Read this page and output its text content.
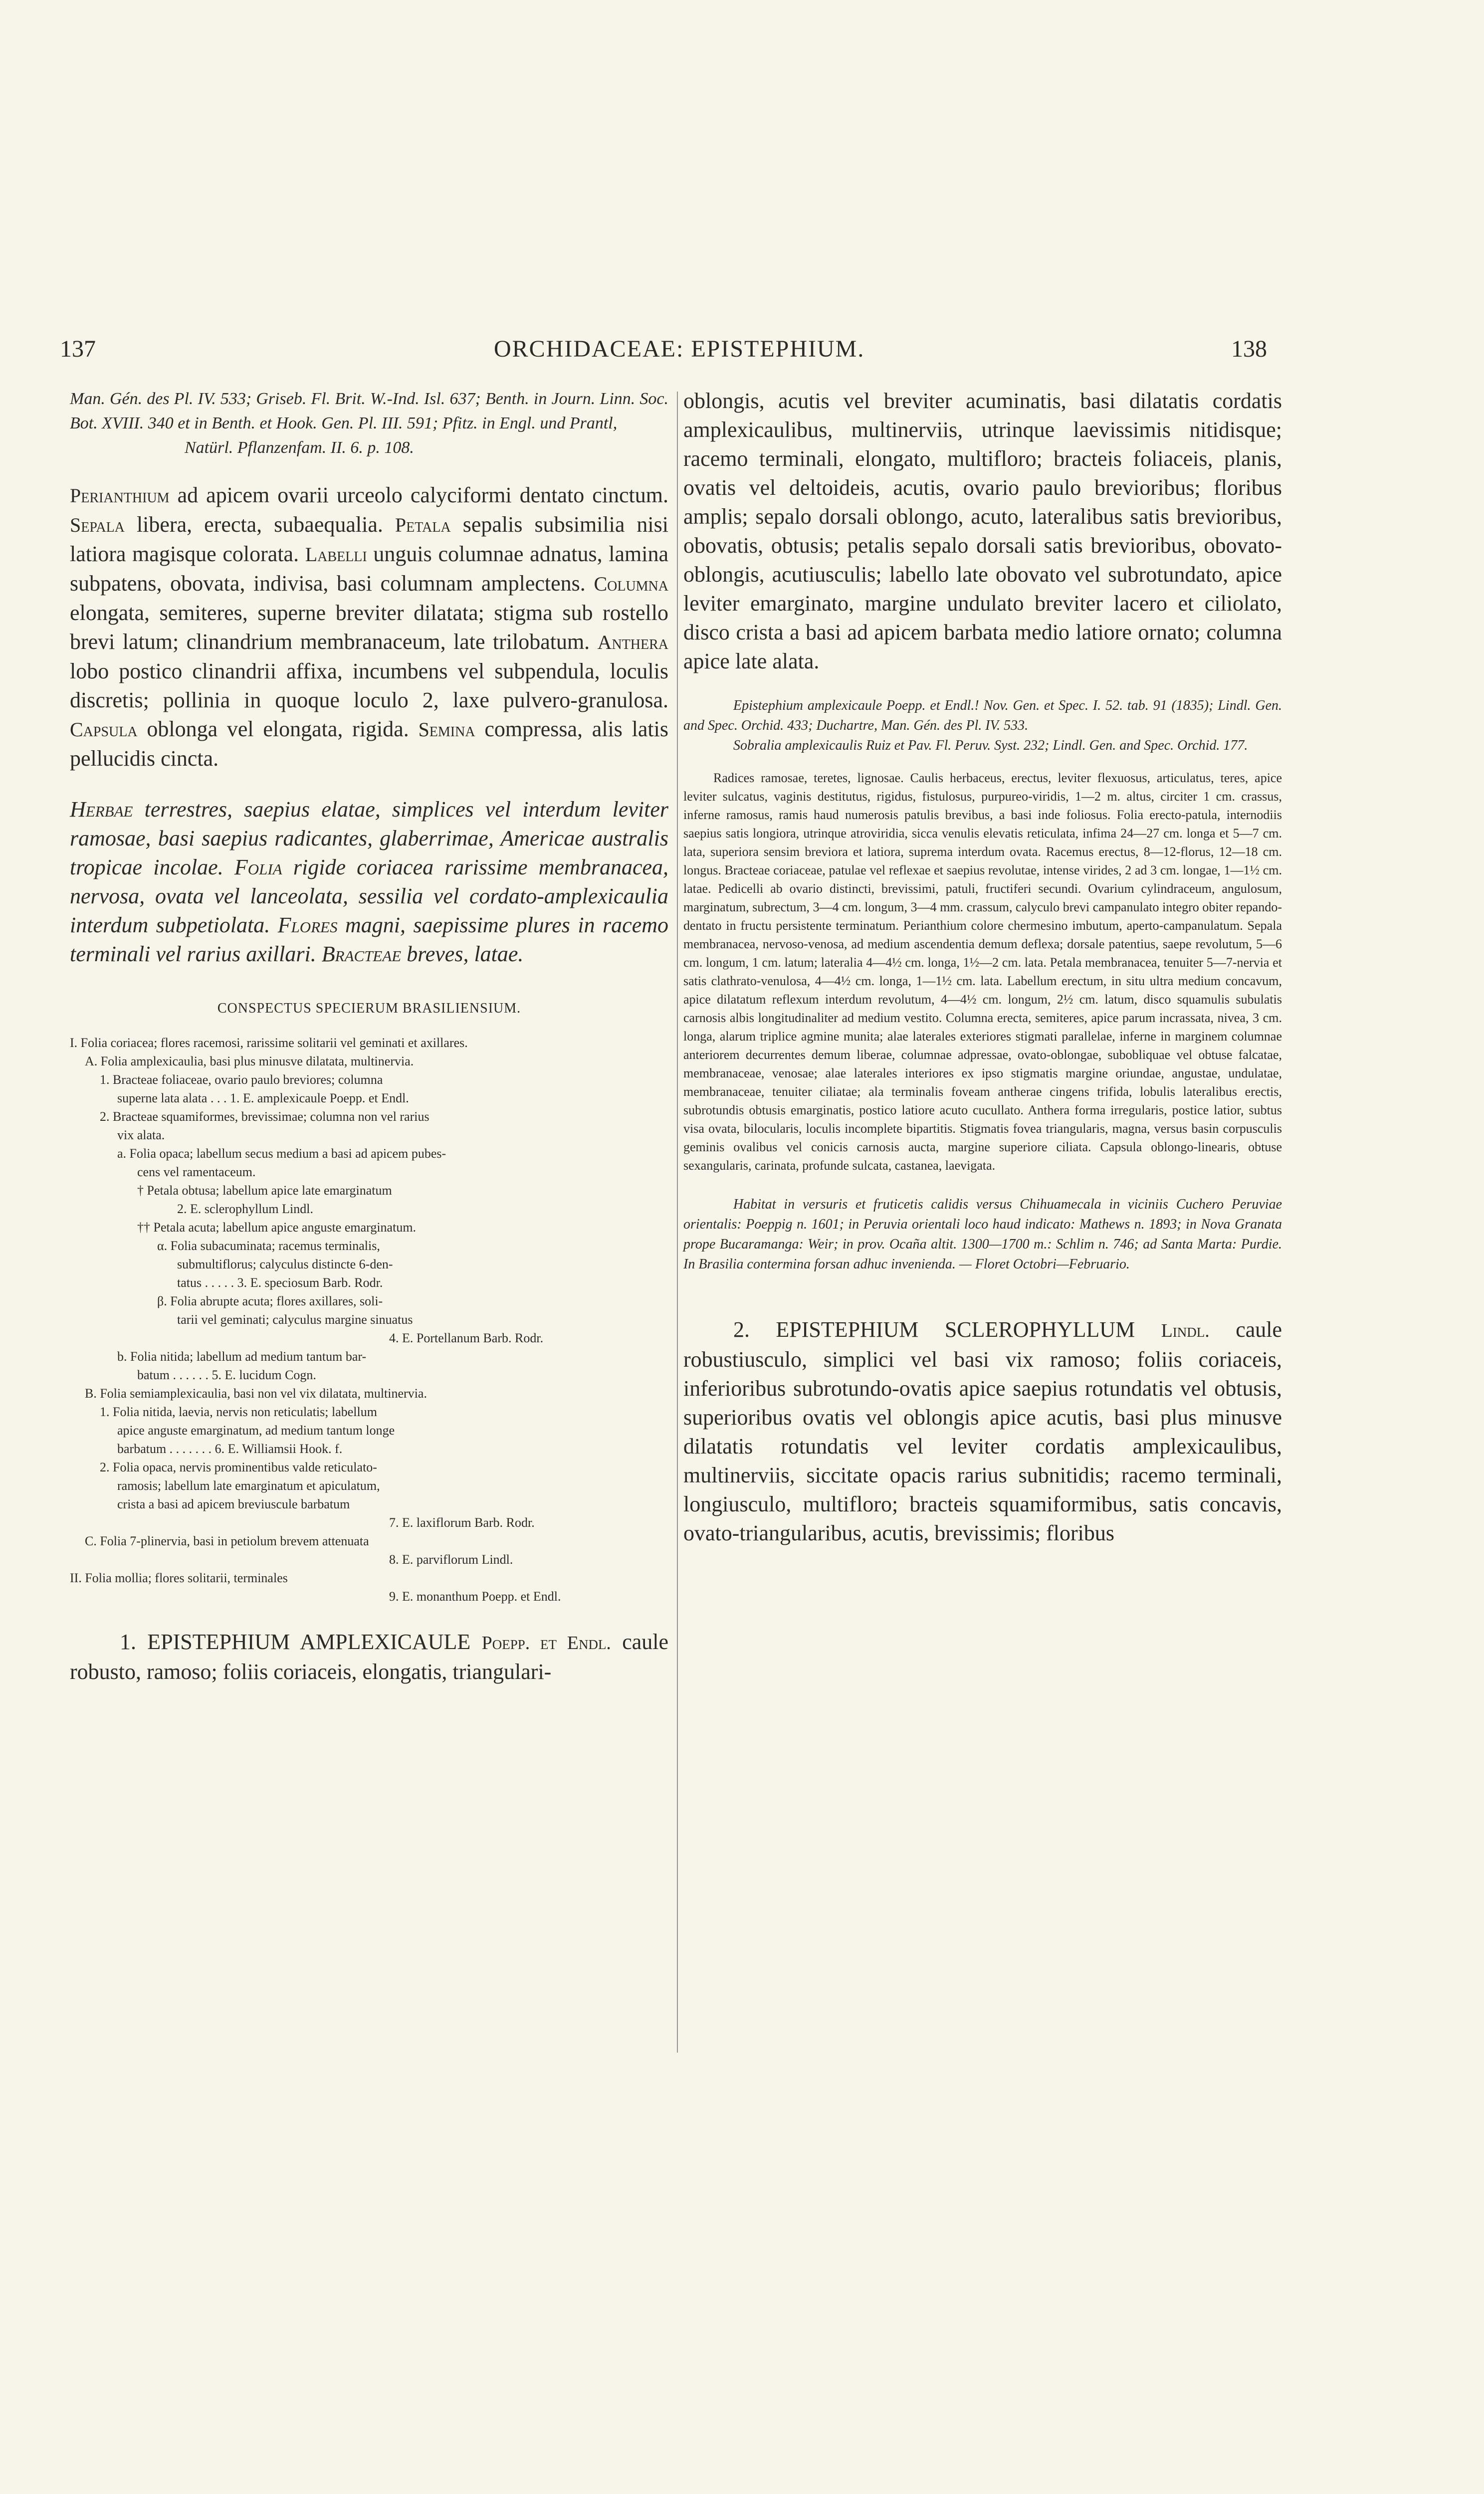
137	ORCHIDACEAE: EPISTEPHIUM.	138

Man. Gén. des Pl. IV. 533; Griseb. Fl. Brit. W.-Ind. Isl. 637; Benth. in Journ. Linn. Soc. Bot. XVIII. 340 et in Benth. et Hook. Gen. Pl. III. 591; Pfitz. in Engl. und Prantl,

Natürl. Pflanzenfam. II. 6. p. 108.

Perianthium ad apicem ovarii urceolo calyciformi dentato cinctum. Sepala libera, erecta, subaequalia. Petala sepalis subsimilia nisi latiora magisque colorata. Labelli unguis columnae adnatus, lamina subpatens, obovata, indivisa, basi columnam amplectens. Columna elongata, semiteres, superne breviter dilatata; stigma sub rostello brevi latum; clinandrium membranaceum, late trilobatum. Anthera lobo postico clinandrii affixa, incumbens vel subpendula, loculis discretis; pollinia in quoque loculo 2, laxe pulvero-granulosa. Capsula oblonga vel elongata, rigida. Semina compressa, alis latis pellucidis cincta.

Herbae terrestres, saepius elatae, simplices vel interdum leviter ramosae, basi saepius radicantes, glaberrimae, Americae australis tropicae incolae. Folia rigide coriacea rarissime membranacea, nervosa, ovata vel lanceolata, sessilia vel cordato-amplexicaulia interdum subpetiolata. Flores magni, saepissime plures in racemo terminali vel rarius axillari. Bracteae breves, latae.

CONSPECTUS SPECIERUM BRASILIENSIUM.

I. Folia coriacea; flores racemosi, rarissime solitarii vel geminati et axillares.

A. Folia amplexicaulia, basi plus minusve dilatata, multinervia.

1. Bracteae foliaceae, ovario paulo breviores; columna

superne lata alata . . . 1. E. amplexicaule Poepp. et Endl.

2. Bracteae squamiformes, brevissimae; columna non vel rarius

vix alata.

a. Folia opaca; labellum secus medium a basi ad apicem pubes-

cens vel ramentaceum.

† Petala obtusa; labellum apice late emarginatum

2. E. sclerophyllum Lindl.

†† Petala acuta; labellum apice anguste emarginatum.

α. Folia subacuminata; racemus terminalis,

submultiflorus; calyculus distincte 6-den-

tatus . . . . . 3. E. speciosum Barb. Rodr.

β. Folia abrupte acuta; flores axillares, soli-

tarii vel geminati; calyculus margine sinuatus

4. E. Portellanum Barb. Rodr.

b. Folia nitida; labellum ad medium tantum bar-

batum . . . . . . 5. E. lucidum Cogn.

B. Folia semiamplexicaulia, basi non vel vix dilatata, multinervia.

1. Folia nitida, laevia, nervis non reticulatis; labellum

apice anguste emarginatum, ad medium tantum longe

barbatum . . . . . . . 6. E. Williamsii Hook. f.

2. Folia opaca, nervis prominentibus valde reticulato-

ramosis; labellum late emarginatum et apiculatum,

crista a basi ad apicem breviuscule barbatum

7. E. laxiflorum Barb. Rodr.

C. Folia 7-plinervia, basi in petiolum brevem attenuata

8. E. parviflorum Lindl.

II. Folia mollia; flores solitarii, terminales

9. E. monanthum Poepp. et Endl.

1. EPISTEPHIUM AMPLEXICAULE Poepp. et Endl. caule robusto, ramoso; foliis coriaceis, elongatis, triangulari-

oblongis, acutis vel breviter acuminatis, basi dilatatis cordatis amplexicaulibus, multinerviis, utrinque laevissimis nitidisque; racemo terminali, elongato, multifloro; bracteis foliaceis, planis, ovatis vel deltoideis, acutis, ovario paulo brevioribus; floribus amplis; sepalo dorsali oblongo, acuto, lateralibus satis brevioribus, obovatis, obtusis; petalis sepalo dorsali satis brevioribus, obovato-oblongis, acutiusculis; labello late obovato vel subrotundato, apice leviter emarginato, margine undulato breviter lacero et ciliolato, disco crista a basi ad apicem barbata medio latiore ornato; columna apice late alata.

Epistephium amplexicaule Poepp. et Endl.! Nov. Gen. et Spec. I. 52. tab. 91 (1835); Lindl. Gen. and Spec. Orchid. 433; Duchartre, Man. Gén. des Pl. IV. 533.

Sobralia amplexicaulis Ruiz et Pav. Fl. Peruv. Syst. 232; Lindl. Gen. and Spec. Orchid. 177.

Radices ramosae, teretes, lignosae. Caulis herbaceus, erectus, leviter flexuosus, articulatus, teres, apice leviter sulcatus, vaginis destitutus, rigidus, fistulosus, purpureo-viridis, 1—2 m. altus, circiter 1 cm. crassus, inferne ramosus, ramis haud numerosis patulis brevibus, a basi inde foliosus. Folia erecto-patula, internodiis saepius satis longiora, utrinque atroviridia, sicca venulis elevatis reticulata, infima 24—27 cm. longa et 5—7 cm. lata, superiora sensim breviora et latiora, suprema interdum ovata. Racemus erectus, 8—12-florus, 12—18 cm. longus. Bracteae coriaceae, patulae vel reflexae et saepius revolutae, intense virides, 2 ad 3 cm. longae, 1—1½ cm. latae. Pedicelli ab ovario distincti, brevissimi, patuli, fructiferi secundi. Ovarium cylindraceum, angulosum, marginatum, subrectum, 3—4 cm. longum, 3—4 mm. crassum, calyculo brevi campanulato integro obiter repando-dentato in fructu persistente terminatum. Perianthium colore chermesino imbutum, aperto-campanulatum. Sepala membranacea, nervoso-venosa, ad medium ascendentia demum deflexa; dorsale patentius, saepe revolutum, 5—6 cm. longum, 1 cm. latum; lateralia 4—4½ cm. longa, 1½—2 cm. lata. Petala membranacea, tenuiter 5—7-nervia et satis clathrato-venulosa, 4—4½ cm. longa, 1—1½ cm. lata. Labellum erectum, in situ ultra medium concavum, apice dilatatum reflexum interdum revolutum, 4—4½ cm. longum, 2½ cm. latum, disco squamulis subulatis carnosis albis longitudinaliter ad medium vestito. Columna erecta, semiteres, apice parum incrassata, nivea, 3 cm. longa, alarum triplice agmine munita; alae laterales exteriores stigmati parallelae, inferne in marginem columnae anteriorem decurrentes demum liberae, columnae adpressae, ovato-oblongae, subobliquae vel obtuse falcatae, membranaceae, venosae; alae laterales interiores ex ipso stigmatis margine oriundae, angustae, undulatae, membranaceae, tenuiter ciliatae; ala terminalis foveam antherae cingens trifida, lobulis lateralibus erectis, subrotundis obtusis emarginatis, postico latiore acuto cucullato. Anthera forma irregularis, postice latior, subtus visa ovata, bilocularis, loculis incomplete bipartitis. Stigmatis fovea triangularis, magna, versus basin corpusculis geminis ovalibus vel conicis carnosis aucta, margine superiore ciliata. Capsula oblongo-linearis, obtuse sexangularis, carinata, profunde sulcata, castanea, laevigata.

Habitat in versuris et fruticetis calidis versus Chihuamecala in viciniis Cuchero Peruviae orientalis: Poeppig n. 1601; in Peruvia orientali loco haud indicato: Mathews n. 1893; in Nova Granata prope Bucaramanga: Weir; in prov. Ocaña altit. 1300—1700 m.: Schlim n. 746; ad Santa Marta: Purdie. In Brasilia contermina forsan adhuc invenienda. — Floret Octobri—Februario.

2. EPISTEPHIUM SCLEROPHYLLUM Lindl. caule robustiusculo, simplici vel basi vix ramoso; foliis coriaceis, inferioribus subrotundo-ovatis apice saepius rotundatis vel obtusis, superioribus ovatis vel oblongis apice acutis, basi plus minusve dilatatis rotundatis vel leviter cordatis amplexicaulibus, multinerviis, siccitate opacis rarius subnitidis; racemo terminali, longiusculo, multifloro; bracteis squamiformibus, satis concavis, ovato-triangularibus, acutis, brevissimis; floribus
